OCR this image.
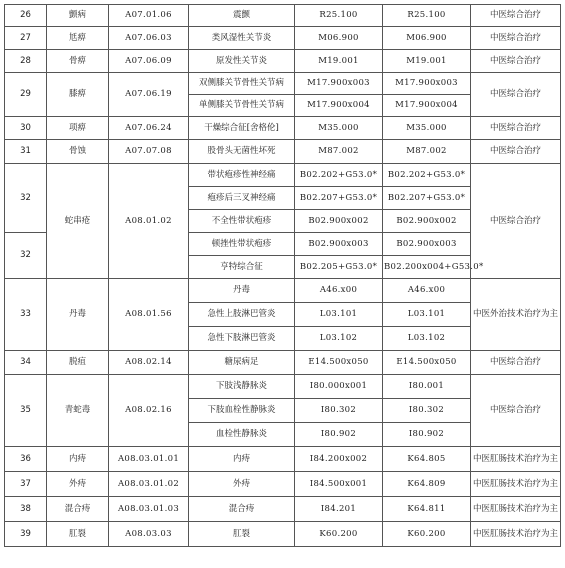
26	颤病	A07.01.06	震颤	R25.100	R25.100	中医综合治疗
27	尪痹	A07.06.03	类风湿性关节炎	M06.900	M06.900	中医综合治疗
28	骨痹	A07.06.09	原发性关节炎	M19.001	M19.001	中医综合治疗
29	膝痹	A07.06.19	双侧膝关节骨性关节病	M17.900x003	M17.900x003	中医综合治疗
			单侧膝关节骨性关节病	M17.900x004	M17.900x004	
30	项痹	A07.06.24	干燥综合征[舍格伦]	M35.000	M35.000	中医综合治疗
31	骨蚀	A07.07.08	股骨头无菌性坏死	M87.002	M87.002	中医综合治疗
32	蛇串疮	A08.01.02	带状疱疹性神经痛	B02.202+G53.0*	B02.202+G53.0*	中医综合治疗
			疱疹后三叉神经痛	B02.207+G53.0*	B02.207+G53.0*	
			不全性带状疱疹	B02.900x002	B02.900x002	
32			顿挫性带状疱疹	B02.900x003	B02.900x003	
			亨特综合征	B02.205+G53.0*	B02.200x004+G53.0*	
33	丹毒	A08.01.56	丹毒	A46.x00	A46.x00	中医外治技术治疗为主
			急性上肢淋巴管炎	L03.101	L03.101	
			急性下肢淋巴管炎	L03.102	L03.102	
34	脱疽	A08.02.14	糖尿病足	E14.500x050	E14.500x050	中医综合治疗
35	青蛇毒	A08.02.16	下肢浅静脉炎	I80.000x001	I80.001	中医综合治疗
			下肢血栓性静脉炎	I80.302	I80.302	
			血栓性静脉炎	I80.902	I80.902	
36	内痔	A08.03.01.01	内痔	I84.200x002	K64.805	中医肛肠技术治疗为主
37	外痔	A08.03.01.02	外痔	I84.500x001	K64.809	中医肛肠技术治疗为主
38	混合痔	A08.03.01.03	混合痔	I84.201	K64.811	中医肛肠技术治疗为主
39	肛裂	A08.03.03	肛裂	K60.200	K60.200	中医肛肠技术治疗为主
